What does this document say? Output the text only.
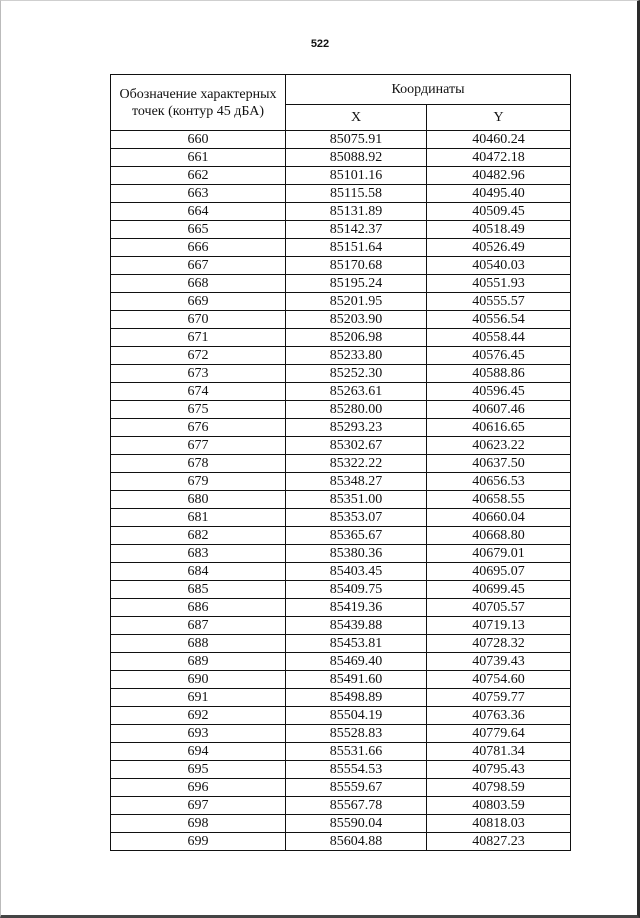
522
Обозначение характерных точек (контур 45 дБА)	Координаты	
	X	Y
660	85075.91	40460.24
661	85088.92	40472.18
662	85101.16	40482.96
663	85115.58	40495.40
664	85131.89	40509.45
665	85142.37	40518.49
666	85151.64	40526.49
667	85170.68	40540.03
668	85195.24	40551.93
669	85201.95	40555.57
670	85203.90	40556.54
671	85206.98	40558.44
672	85233.80	40576.45
673	85252.30	40588.86
674	85263.61	40596.45
675	85280.00	40607.46
676	85293.23	40616.65
677	85302.67	40623.22
678	85322.22	40637.50
679	85348.27	40656.53
680	85351.00	40658.55
681	85353.07	40660.04
682	85365.67	40668.80
683	85380.36	40679.01
684	85403.45	40695.07
685	85409.75	40699.45
686	85419.36	40705.57
687	85439.88	40719.13
688	85453.81	40728.32
689	85469.40	40739.43
690	85491.60	40754.60
691	85498.89	40759.77
692	85504.19	40763.36
693	85528.83	40779.64
694	85531.66	40781.34
695	85554.53	40795.43
696	85559.67	40798.59
697	85567.78	40803.59
698	85590.04	40818.03
699	85604.88	40827.23
